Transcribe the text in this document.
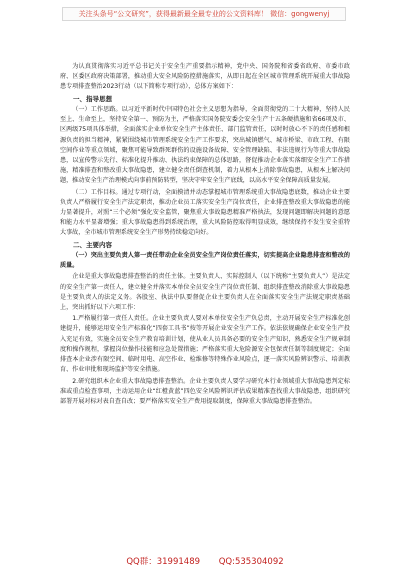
关注头条号“公文研究”，获得最新最全最专业的公文资料库！ 微信：gongwenyj

为认真贯彻落实习近平总书记关于安全生产重要指示精神，党中央、国务院和省委省政府、市委市政府、区委区政府决策部署，推动重大安全风险防控措施落实，从即日起在全区城市管理系统开展重大事故隐患专项排查整治2023行动（以下简称专项行动），总体方案如下：

一、指导思想

（一）工作思路。以习近平新时代中国特色社会主义思想为指导，全面贯彻党的二十大精神，坚持人民至上、生命至上，坚持安全第一、预防为主，严格落实国务院安委会安全生产十五条硬措施和省66项及市、区两级75项具体举措，全面落实企业单位安全生产主体责任、部门监管责任，以时时放心不下的责任感和根源负责的担当精神，紧紧围绕城市管理系统安全生产工作要求，突出城镇燃气、城市桥梁、市政工程、有限空间作业等重点领域，聚焦可能导致群死群伤的设施设备故障、安全管理缺陷、非法违规行为等重大事故隐患，以宣传警示先行、标准化提升推动、执法约束保障的总体思路，督促推动企业落实落细安全生产工作措施，精准排查和整改重大事故隐患，建立健全责任倒查机制，着力从根本上消除事故隐患，从根本上解决问题，推动安全生产治理模式向事前预防转型，坚决守牢安全生产底线，以高水平安全保障高质量发展。

（二）工作目标。通过专项行动，全面摸清并动态掌握城市管理系统重大事故隐患底数，推动企业主要负责人严格履行安全生产法定职责，推动企业员工落实安全生产岗位责任，企业排查整改重大事故隐患的能力显著提升，对照“三个必须”强化安全监管，聚焦重大事故隐患精准严格执法，发现问题即解决问题的意愿和能力水平显著增强；重大事故隐患得到系统治理，重大风险防控取得明显成效，继续保持不发生安全重特大事故，全市城市管理系统安全生产形势持续稳定向好。

二、主要内容

（一）突出主要负责人第一责任带动企业全员安全生产岗位责任落实，切实提高企业隐患排查和整改的质量。

企业是重大事故隐患排查整治的责任主体。主要负责人、实际控制人（以下统称“主要负责人”）是法定的安全生产第一责任人，建立健全并落实本单位全员安全生产岗位责任制、组织排查整改消除重大事故隐患是主要负责人的法定义务。各股室、执法中队要督促企业主要负责人在全面落实安全生产法规定职责基础上，突出抓好以下六项工作：

1.严格履行第一责任人责任。企业主要负责人要对本单位安全生产负总责，主动开展安全生产标准化创建提升，能够运用安全生产标准化“四套工具书”按等开展企业安全生产工作。依法依规确保企业安全生产投入充足有效，实施全员安全生产教育培训计划，使从业人员具备必要的安全生产知识，熟悉安全生产规章制度和操作规程，掌握岗位操作技能和应急处置措施；严格落实重大危险源安全包保责任制等制度规定；全面排查本企业涉有限空间、临时用电、高空作业、检维修等特殊作业风险点，逐一落实风险辨识警示、培训教育、作业审批和现场监护等安全措施。

2.研究组织本企业重大事故隐患排查整治。企业主要负责人要学习研究本行业领域重大事故隐患判定标准或重点检查事项，主动运用企业“红橙黄蓝”四色安全风险辨识评估成果精准查找重大事故隐患，组织研究部署开展对标对表自查自改；要严格落实安全生产费用提取制度，保障重大事故隐患排查整治。

QQ群：31991489 QQ:535304092
